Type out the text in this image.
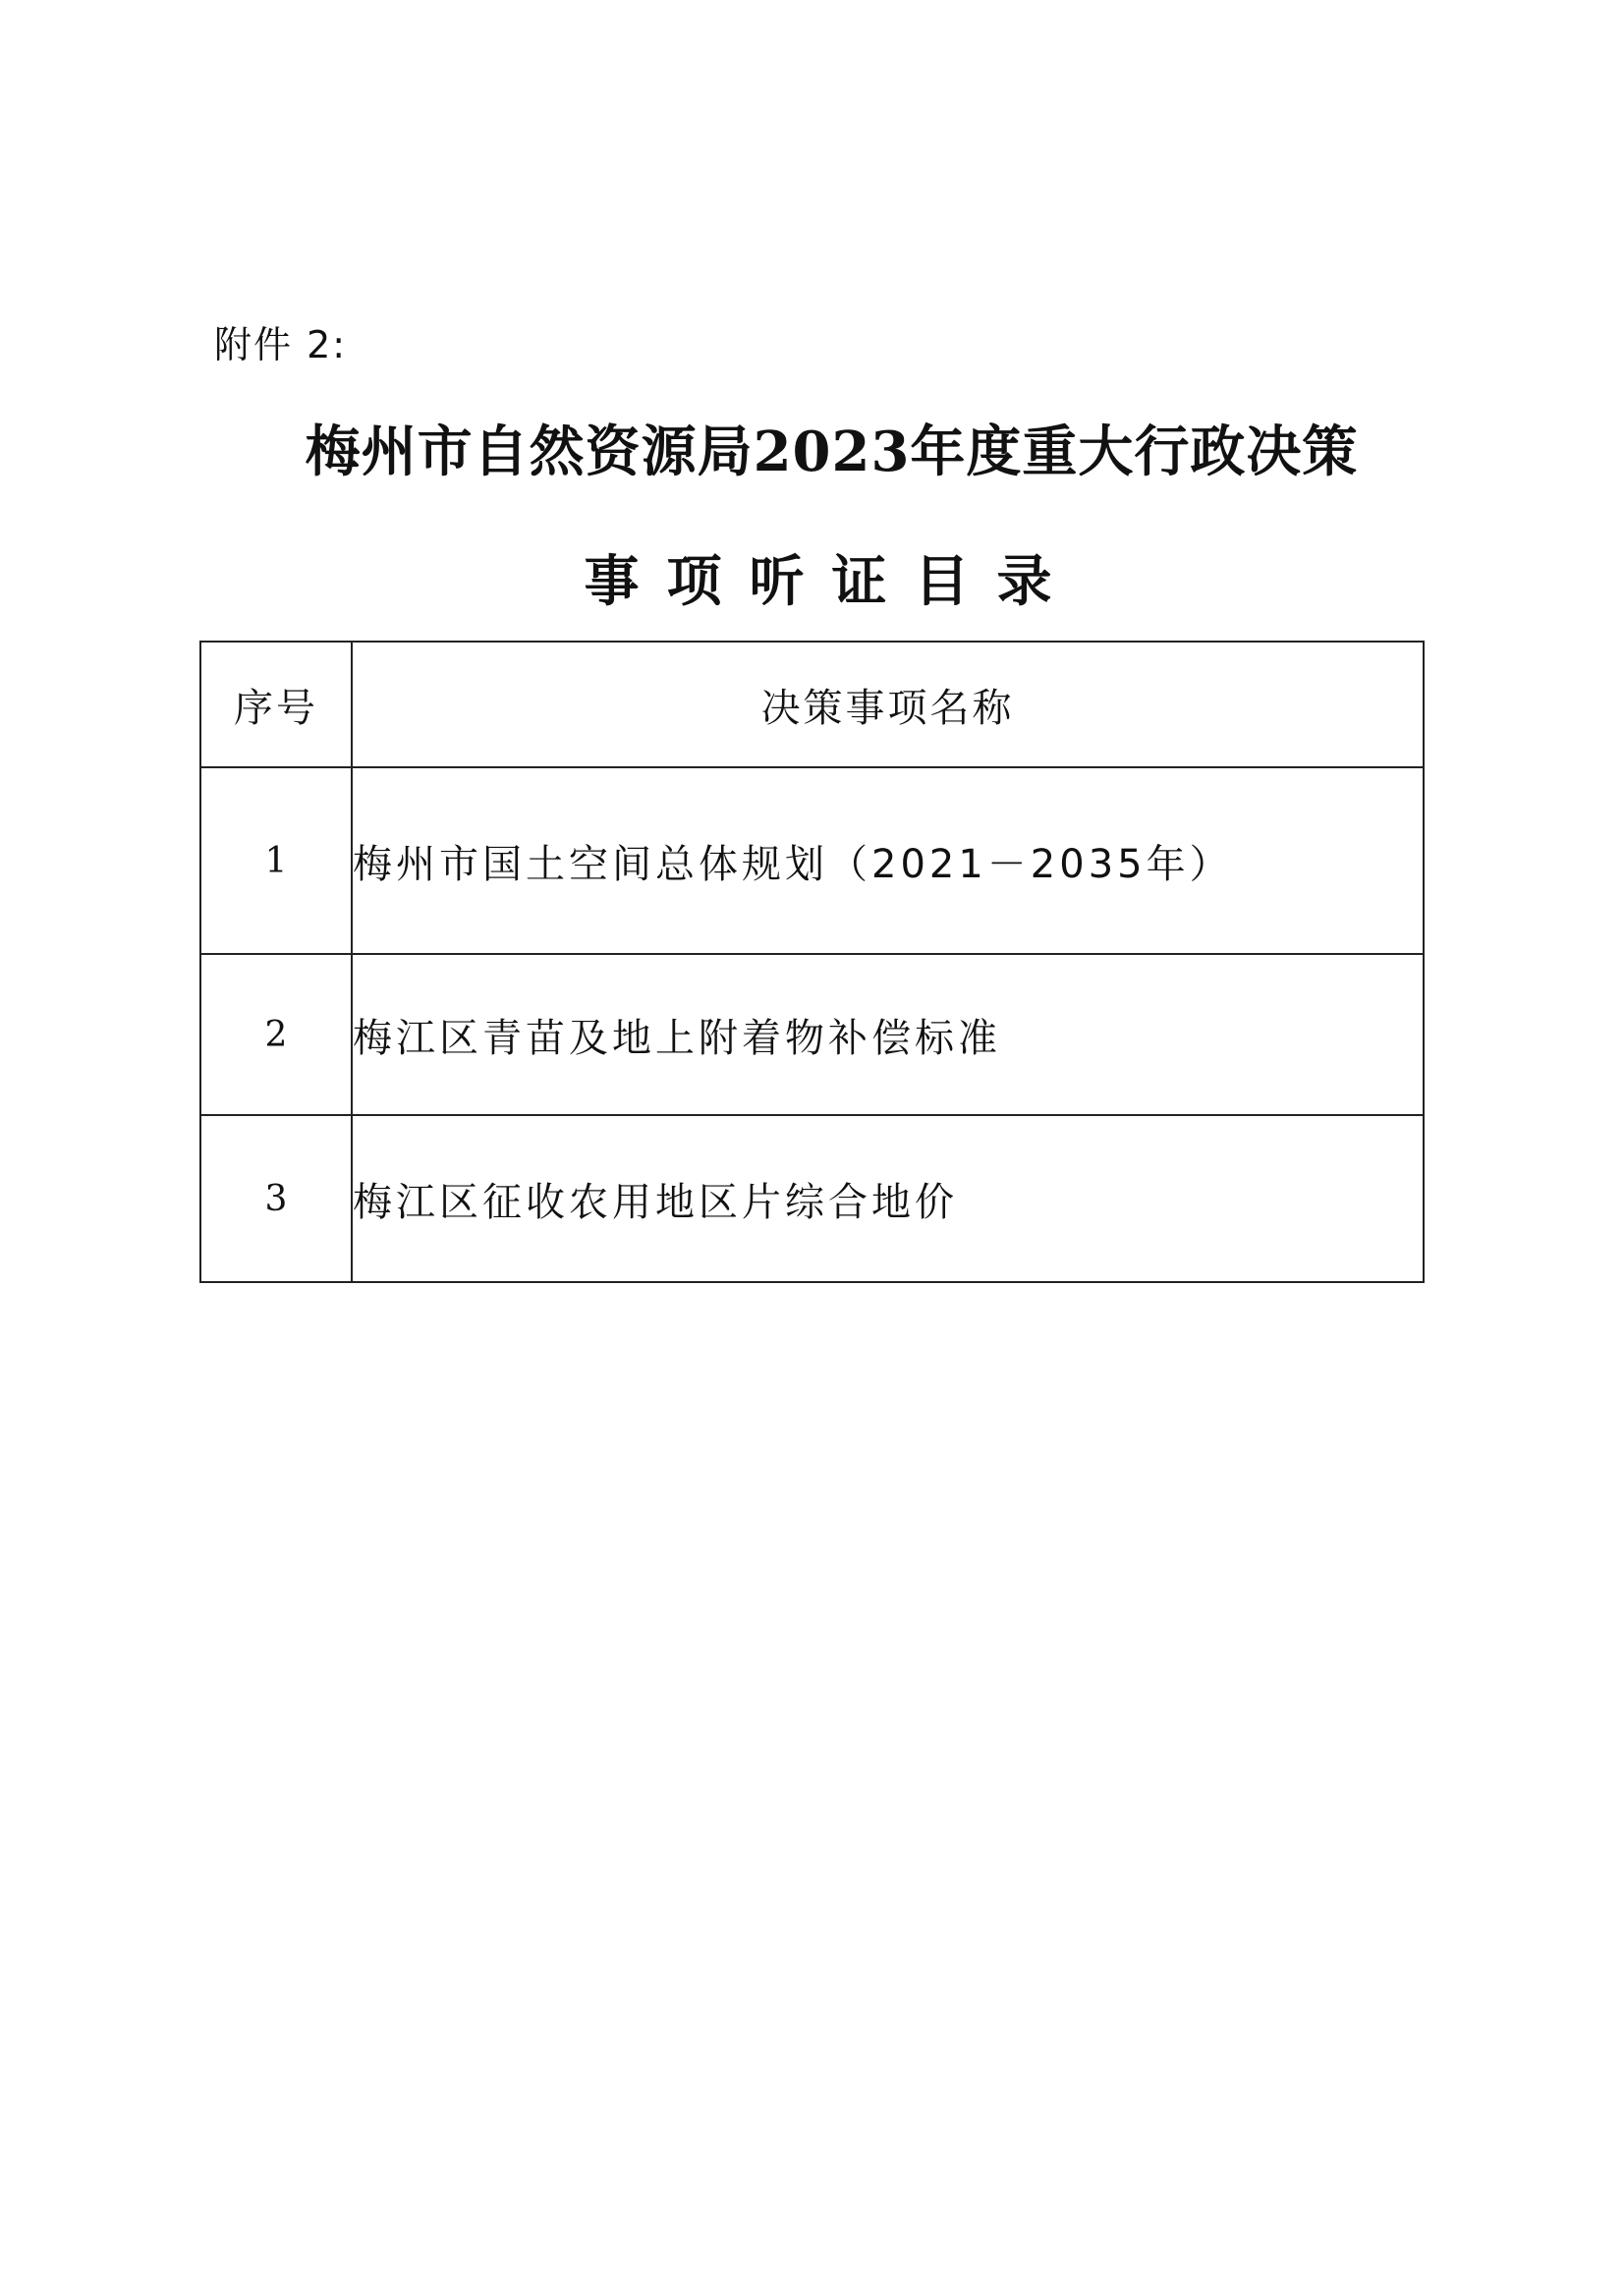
附件 2:
梅州市自然资源局2023年度重大行政决策
事项听证目录
序号	决策事项名称
1	梅州市国土空间总体规划（2021－2035年）
2	梅江区青苗及地上附着物补偿标准
3	梅江区征收农用地区片综合地价
